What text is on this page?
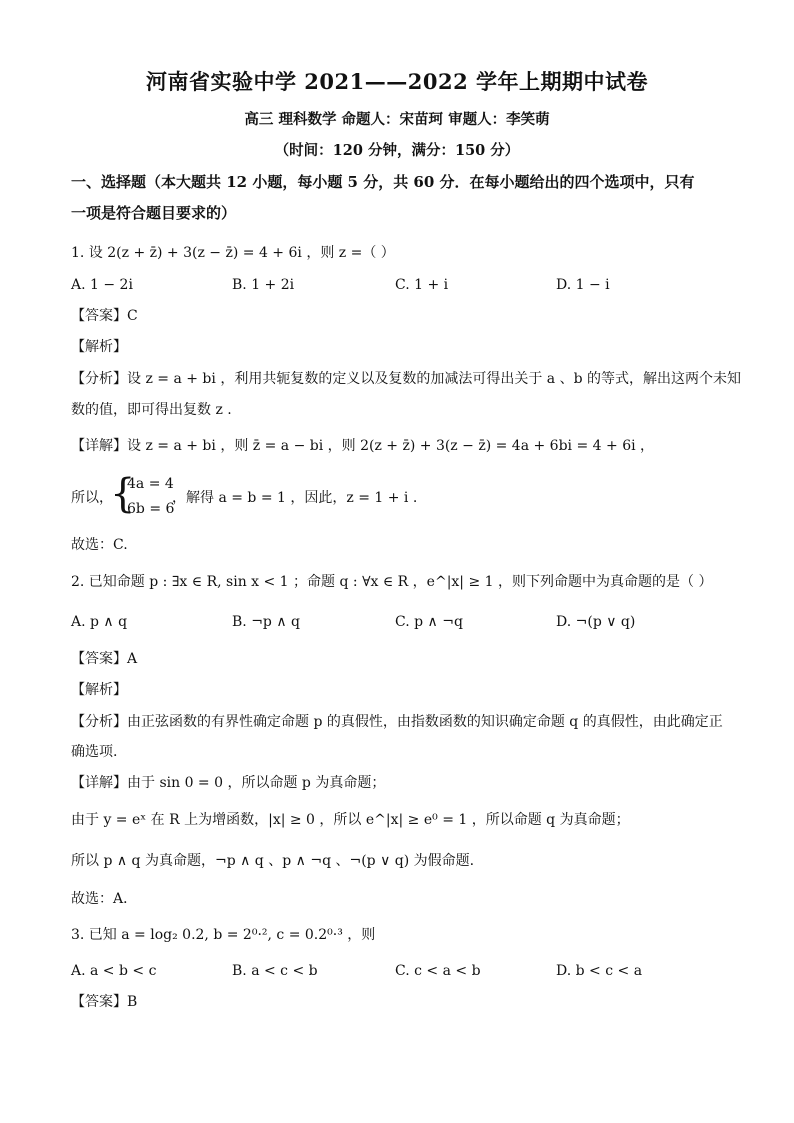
河南省实验中学 2021——2022 学年上期期中试卷
高三 理科数学 命题人：宋苗珂 审题人：李笑萌
（时间：120 分钟，满分：150 分）
一、选择题（本大题共 12 小题，每小题 5 分，共 60 分．在每小题给出的四个选项中，只有
一项是符合题目要求的）
1. 设 2(z + z̄) + 3(z − z̄) = 4 + 6i ，则 z =（ ）
A. 1 − 2i	B. 1 + 2i	C. 1 + i	D. 1 − i
【答案】C
【解析】
【分析】设 z = a + bi ，利用共轭复数的定义以及复数的加减法可得出关于 a 、b 的等式，解出这两个未知
数的值，即可得出复数 z .
【详解】设 z = a + bi ，则 z̄ = a − bi ，则 2(z + z̄) + 3(z − z̄) = 4a + 6bi = 4 + 6i ，
所以，
{
4a = 4
6b = 6
，解得 a = b = 1 ，因此，z = 1 + i .
故选：C.
2. 已知命题 p : ∃x ∈ R, sin x < 1 ；命题 q : ∀x ∈ R ，e^|x| ≥ 1 ，则下列命题中为真命题的是（ ）
A. p ∧ q	B. ¬p ∧ q	C. p ∧ ¬q	D. ¬(p ∨ q)
【答案】A
【解析】
【分析】由正弦函数的有界性确定命题 p 的真假性，由指数函数的知识确定命题 q 的真假性，由此确定正
确选项.
【详解】由于 sin 0 = 0 ，所以命题 p 为真命题；
由于 y = eˣ 在 R 上为增函数，|x| ≥ 0 ，所以 e^|x| ≥ e⁰ = 1 ，所以命题 q 为真命题；
所以 p ∧ q 为真命题，¬p ∧ q 、p ∧ ¬q 、¬(p ∨ q) 为假命题.
故选：A．
3. 已知 a = log₂ 0.2, b = 2⁰·², c = 0.2⁰·³ ，则
A. a < b < c	B. a < c < b	C. c < a < b	D. b < c < a
【答案】B
